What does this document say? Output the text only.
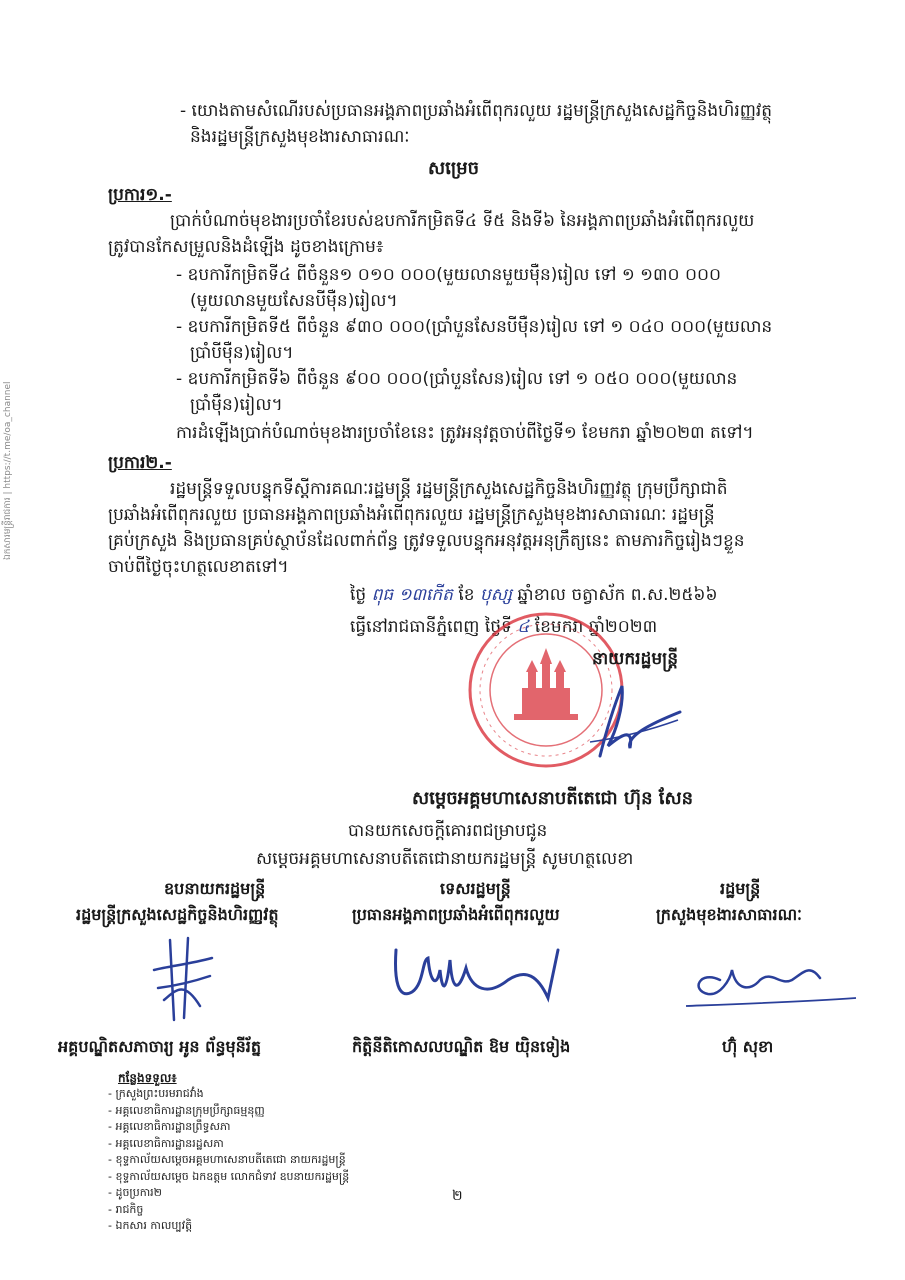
ឯកសារមន្ត្រីរាជការ | https://t.me/oa_channel
- យោងតាមសំណើរបស់ប្រធានអង្គភាពប្រឆាំងអំពើពុករលួយ រដ្ឋមន្ត្រីក្រសួងសេដ្ឋកិច្ចនិងហិរញ្ញវត្ថុ
និងរដ្ឋមន្ត្រីក្រសួងមុខងារសាធារណៈ
សម្រេច
ប្រការ១.-
ប្រាក់បំណាច់មុខងារប្រចាំខែរបស់ឧបការីកម្រិតទី៤ ទី៥ និងទី៦ នៃអង្គភាពប្រឆាំងអំពើពុករលួយ
ត្រូវបានកែសម្រួលនិងដំឡើង ដូចខាងក្រោម៖
- ឧបការីកម្រិតទី៤ ពីចំនួន១ ០១០ ០០០(មួយលានមួយម៉ឺន)រៀល ទៅ ១ ១៣០ ០០០
(មួយលានមួយសែនបីម៉ឺន)រៀល។
- ឧបការីកម្រិតទី៥ ពីចំនួន ៩៣០ ០០០(ប្រាំបួនសែនបីម៉ឺន)រៀល ទៅ ១ ០៤០ ០០០(មួយលាន
ប្រាំបីម៉ឺន)រៀល។
- ឧបការីកម្រិតទី៦ ពីចំនួន ៩០០ ០០០(ប្រាំបួនសែន)រៀល ទៅ ១ ០៥០ ០០០(មួយលាន
ប្រាំម៉ឺន)រៀល។
ការដំឡើងប្រាក់បំណាច់មុខងារប្រចាំខែនេះ ត្រូវអនុវត្តចាប់ពីថ្ងៃទី១ ខែមករា ឆ្នាំ២០២៣ តទៅ។
ប្រការ២.-
រដ្ឋមន្ត្រីទទួលបន្ទុកទីស្តីការគណៈរដ្ឋមន្ត្រី រដ្ឋមន្ត្រីក្រសួងសេដ្ឋកិច្ចនិងហិរញ្ញវត្ថុ ក្រុមប្រឹក្សាជាតិ
ប្រឆាំងអំពើពុករលួយ ប្រធានអង្គភាពប្រឆាំងអំពើពុករលួយ រដ្ឋមន្ត្រីក្រសួងមុខងារសាធារណៈ រដ្ឋមន្ត្រី
គ្រប់ក្រសួង និងប្រធានគ្រប់ស្ថាប័នដែលពាក់ព័ន្ធ ត្រូវទទួលបន្ទុកអនុវត្តអនុក្រឹត្យនេះ តាមភារកិច្ចរៀងៗខ្លួន
ចាប់ពីថ្ងៃចុះហត្ថលេខាតទៅ។
ថ្ងៃ ពុធ ១៣កើត ខែ បុស្ស ឆ្នាំខាល ចត្វាស័ក ព.ស.២៥៦៦
ធ្វើនៅរាជធានីភ្នំពេញ ថ្ងៃទី ៤ ខែមករា ឆ្នាំ២០២៣
នាយករដ្ឋមន្ត្រី
សម្តេចអគ្គមហាសេនាបតីតេជោ ហ៊ុន សែន
បានយកសេចក្តីគោរពជម្រាបជូន
សម្តេចអគ្គមហាសេនាបតីតេជោនាយករដ្ឋមន្ត្រី សូមហត្ថលេខា
ឧបនាយករដ្ឋមន្ត្រី
រដ្ឋមន្ត្រីក្រសួងសេដ្ឋកិច្ចនិងហិរញ្ញវត្ថុ
ទេសរដ្ឋមន្ត្រី
ប្រធានអង្គភាពប្រឆាំងអំពើពុករលួយ
រដ្ឋមន្ត្រី
ក្រសួងមុខងារសាធារណៈ
អគ្គបណ្ឌិតសភាចារ្យ អូន ព័ន្ធមុនីរ័ត្ន	កិត្តិនីតិកោសលបណ្ឌិត ឱម យ៉ិនទៀង	ហ៊ុំ សុខា
កន្លែងទទួល៖
- ក្រសួងព្រះបរមរាជវាំង
- អគ្គលេខាធិការដ្ឋានក្រុមប្រឹក្សាធម្មនុញ្ញ
- អគ្គលេខាធិការដ្ឋានព្រឹទ្ធសភា
- អគ្គលេខាធិការដ្ឋានរដ្ឋសភា
- ខុទ្ទកាល័យសម្តេចអគ្គមហាសេនាបតីតេជោ នាយករដ្ឋមន្ត្រី
- ខុទ្ទកាល័យសម្តេច ឯកឧត្តម លោកជំទាវ ឧបនាយករដ្ឋមន្ត្រី
- ដូចប្រការ២
- រាជកិច្ច
- ឯកសារ កាលប្បវត្តិ
២
